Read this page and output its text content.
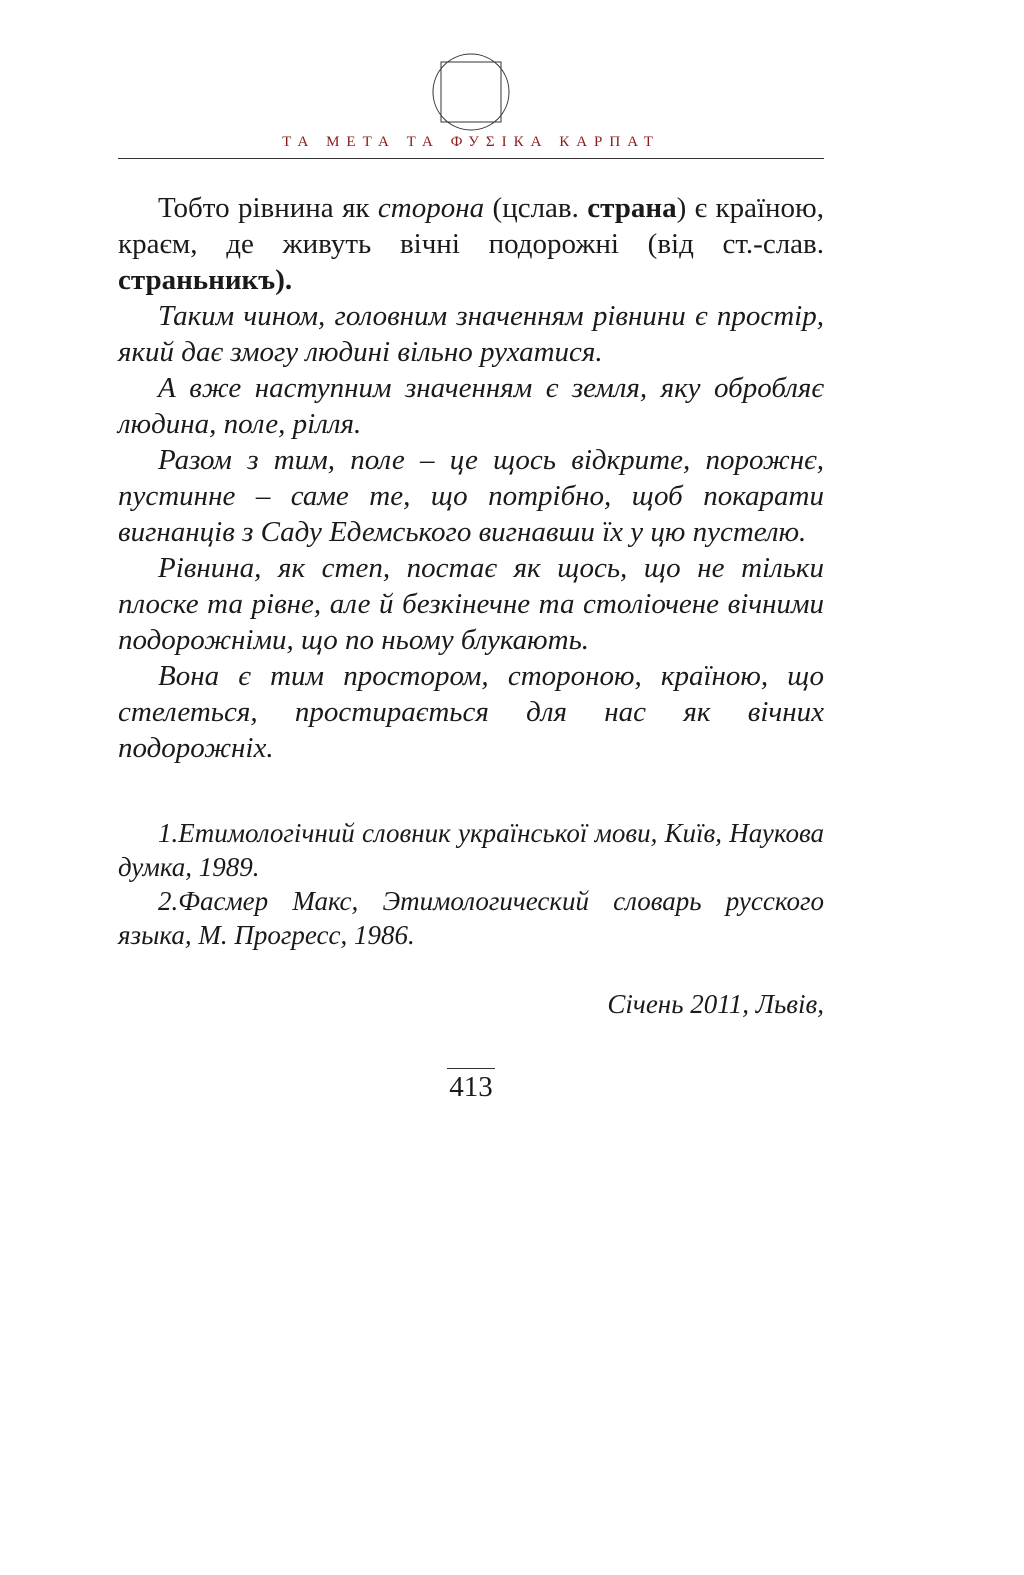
ТА МЕТА ТА ФУΣІКА КАРПАТ

Тобто рівнина як сторона (цслав. страна) є країною, краєм, де живуть вічні подорожні (від ст.-слав. страньникъ).

Таким чином, головним значенням рівнини є простір, який дає змогу людині вільно рухатися.

А вже наступним значенням є земля, яку обробляє людина, поле, рілля.

Разом з тим, поле – це щось відкрите, порожнє, пустинне – саме те, що потрібно, щоб покарати вигнанців з Саду Едемського вигнавши їх у цю пустелю.

Рівнина, як степ, постає як щось, що не тільки плоске та рівне, але й безкінечне та століочене вічними подорожніми, що по ньому блукають.

Вона є тим простором, стороною, країною, що стелеться, простирається для нас як вічних подорожніх.

1.Етимологічний словник української мови, Київ, Наукова думка, 1989.

2.Фасмер Макс, Этимологический словарь русского языка, М. Прогресс, 1986.

Січень 2011, Львів,

413
